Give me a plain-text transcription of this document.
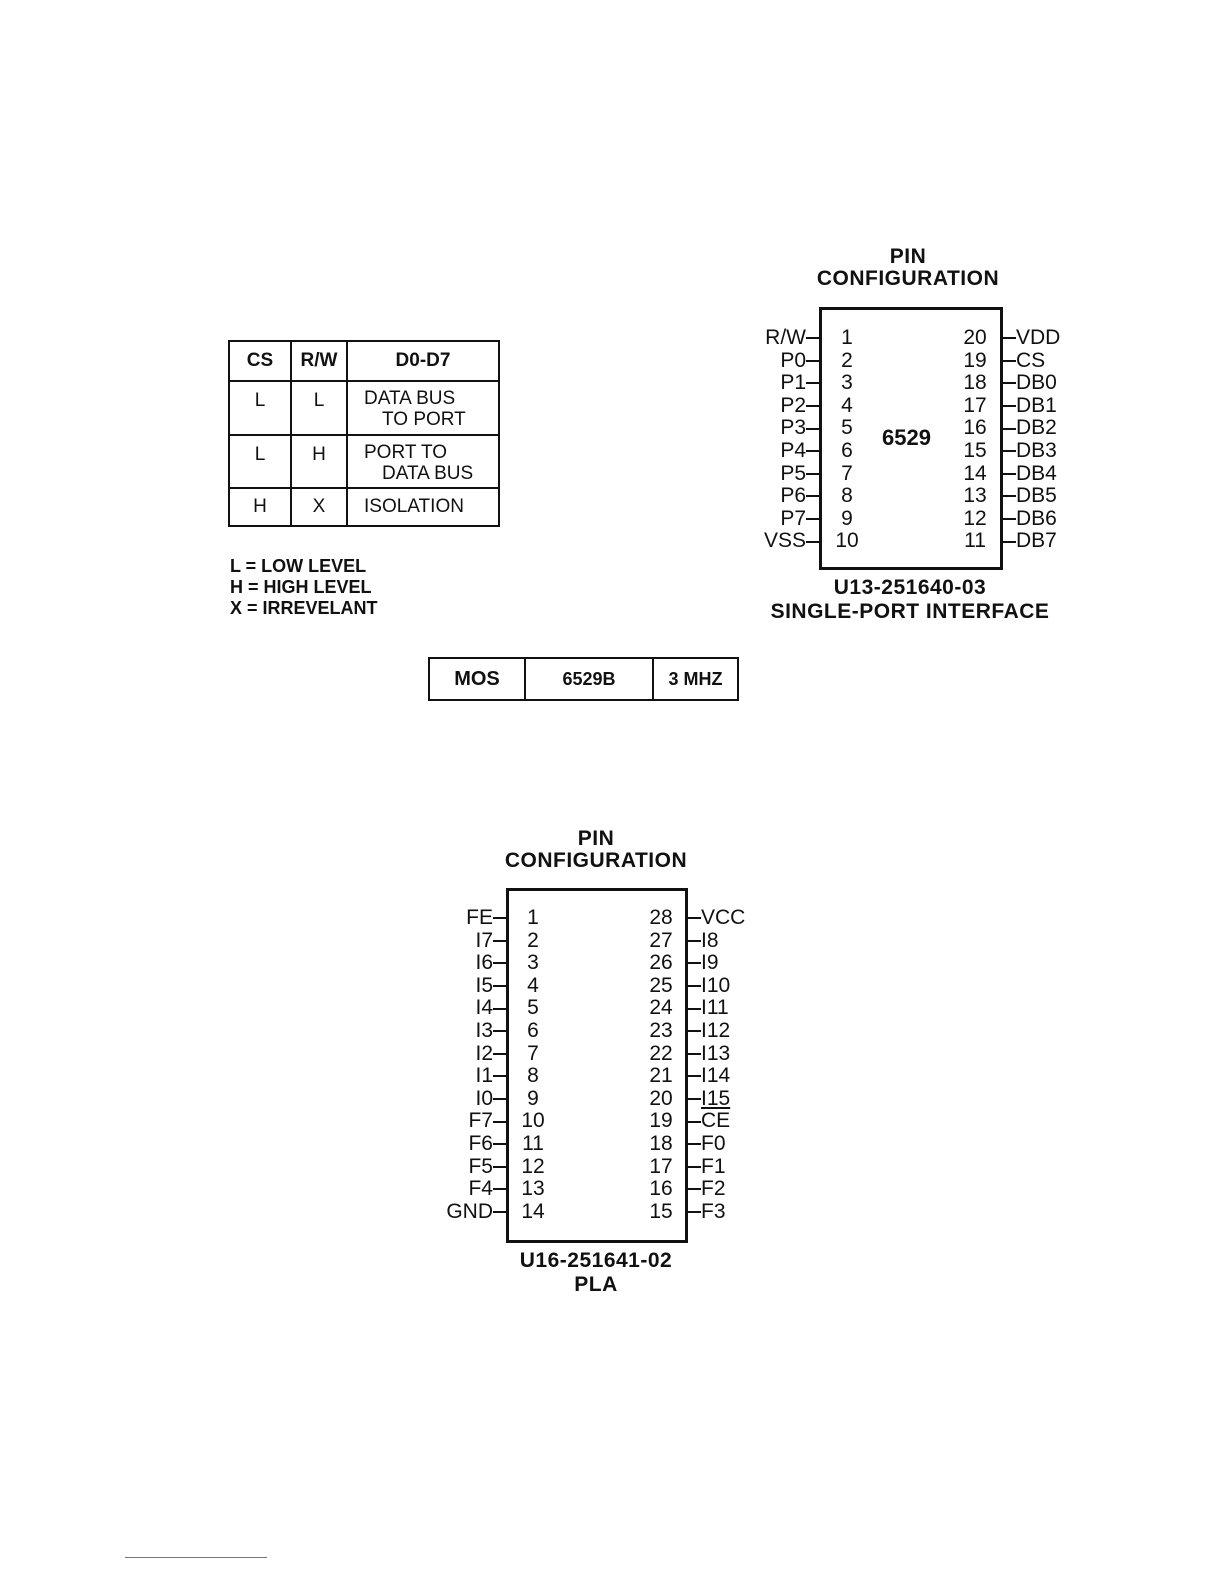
CS	R/W	D0-D7
L	L	DATA BUS
TO PORT

L	H	PORT TO
DATA BUS

H	X	ISOLATION
L = LOW LEVEL
H = HIGH LEVEL
X = IRREVELANT
MOS	6529B	3 MHZ
PIN
CONFIGURATION
6529
R/W
P0
P1
P2
P3
P4
P5
P6
P7
VSS
1
2
3
4
5
6
7
8
9
10
20
19
18
17
16
15
14
13
12
11
VDD
CS
DB0
DB1
DB2
DB3
DB4
DB5
DB6
DB7
U13-251640-03
SINGLE-PORT INTERFACE
PIN
CONFIGURATION
FE
I7
I6
I5
I4
I3
I2
I1
I0
F7
F6
F5
F4
GND
1
2
3
4
5
6
7
8
9
10
11
12
13
14
28
27
26
25
24
23
22
21
20
19
18
17
16
15
VCC
I8
I9
I10
I11
I12
I13
I14
I15
$\overline{CE}$
F0
F1
F2
F3
U16-251641-02
PLA
